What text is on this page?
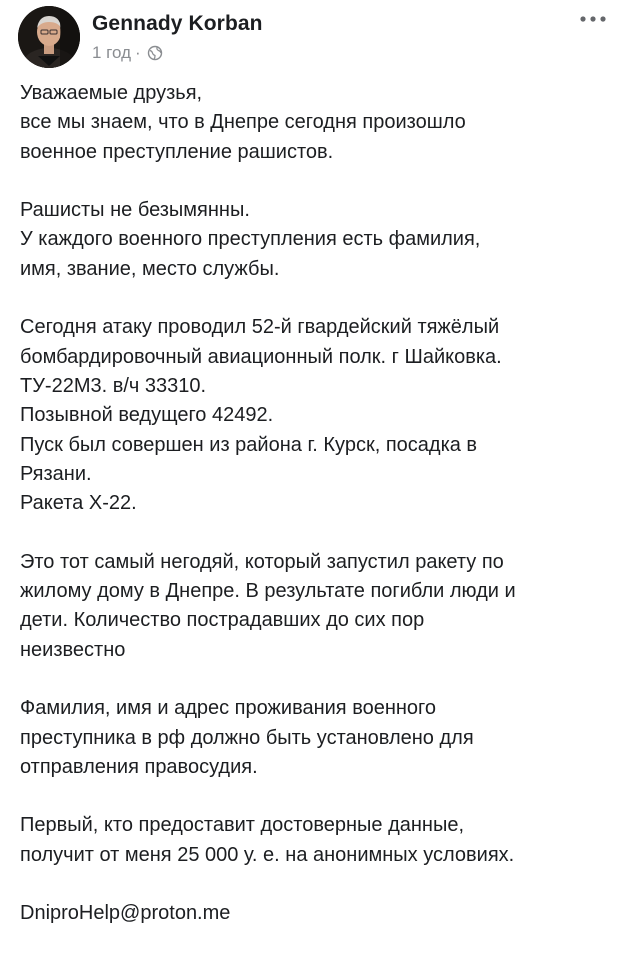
Gennady Korban
1 год ·
Уважаемые друзья,
все мы знаем, что в Днепре сегодня произошло
военное преступление рашистов.
Рашисты не безымянны.
У каждого военного преступления есть фамилия,
имя, звание, место службы.
Сегодня атаку проводил 52-й гвардейский тяжёлый
бомбардировочный авиационный полк. г Шайковка.
ТУ-22М3. в/ч 33310.
Позывной ведущего 42492.
Пуск был совершен из района г. Курск, посадка в
Рязани.
Ракета Х-22.
Это тот самый негодяй, который запустил ракету по
жилому дому в Днепре. В результате погибли люди и
дети. Количество пострадавших до сих пор
неизвестно
Фамилия, имя и адрес проживания военного
преступника в рф должно быть установлено для
отправления правосудия.
Первый, кто предоставит достоверные данные,
получит от меня 25 000 у. е. на анонимных условиях.
DniproHelp@proton.me
